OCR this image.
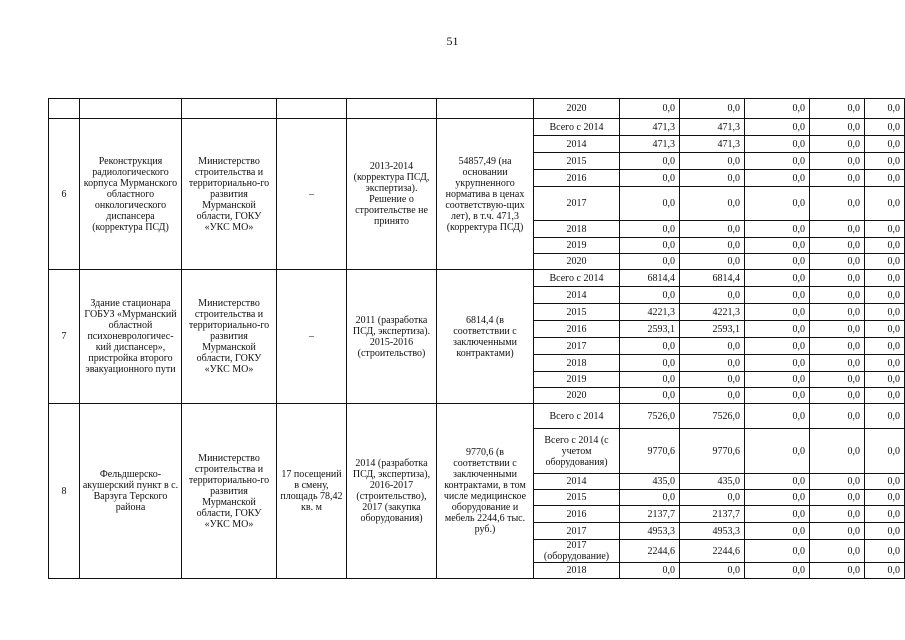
51
						2020	0,0	0,0	0,0	0,0	0,0
6	Реконструкция радиологического корпуса Мурманского областного онкологического диспансера (корректура ПСД)	Министерство строительства и территориально-го развития Мурманской области, ГОКУ «УКС МО»	–	2013-2014 (корректура ПСД, экспертиза). Решение о строительстве не принято	54857,49 (на основании укрупненного норматива в ценах соответствую-щих лет), в т.ч. 471,3 (корректура ПСД)	Всего с 2014	471,3	471,3	0,0	0,0	0,0
						2014	471,3	471,3	0,0	0,0	0,0
						2015	0,0	0,0	0,0	0,0	0,0
						2016	0,0	0,0	0,0	0,0	0,0
						2017	0,0	0,0	0,0	0,0	0,0
						2018	0,0	0,0	0,0	0,0	0,0
						2019	0,0	0,0	0,0	0,0	0,0
						2020	0,0	0,0	0,0	0,0	0,0
7	Здание стационара ГОБУЗ «Мурманский областной психоневрологичес-кий диспансер», пристройка второго эвакуационного пути	Министерство строительства и территориально-го развития Мурманской области, ГОКУ «УКС МО»	–	2011 (разработка ПСД, экспертиза). 2015-2016 (строительство)	6814,4 (в соответствии с заключенными контрактами)	Всего с 2014	6814,4	6814,4	0,0	0,0	0,0
						2014	0,0	0,0	0,0	0,0	0,0
						2015	4221,3	4221,3	0,0	0,0	0,0
						2016	2593,1	2593,1	0,0	0,0	0,0
						2017	0,0	0,0	0,0	0,0	0,0
						2018	0,0	0,0	0,0	0,0	0,0
						2019	0,0	0,0	0,0	0,0	0,0
						2020	0,0	0,0	0,0	0,0	0,0
8	Фельдшерско-акушерский пункт в с. Варзуга Терского района	Министерство строительства и территориально-го развития Мурманской области, ГОКУ «УКС МО»	17 посещений в смену, площадь 78,42 кв. м	2014 (разработка ПСД, экспертиза), 2016-2017 (строительство), 2017 (закупка оборудования)	9770,6 (в соответствии с заключенными контрактами, в том числе медицинское оборудование и мебель 2244,6 тыс. руб.)	Всего с 2014	7526,0	7526,0	0,0	0,0	0,0
						Всего с 2014 (с учетом оборудования)	9770,6	9770,6	0,0	0,0	0,0
						2014	435,0	435,0	0,0	0,0	0,0
						2015	0,0	0,0	0,0	0,0	0,0
						2016	2137,7	2137,7	0,0	0,0	0,0
						2017	4953,3	4953,3	0,0	0,0	0,0
						2017 (оборудование)	2244,6	2244,6	0,0	0,0	0,0
						2018	0,0	0,0	0,0	0,0	0,0
